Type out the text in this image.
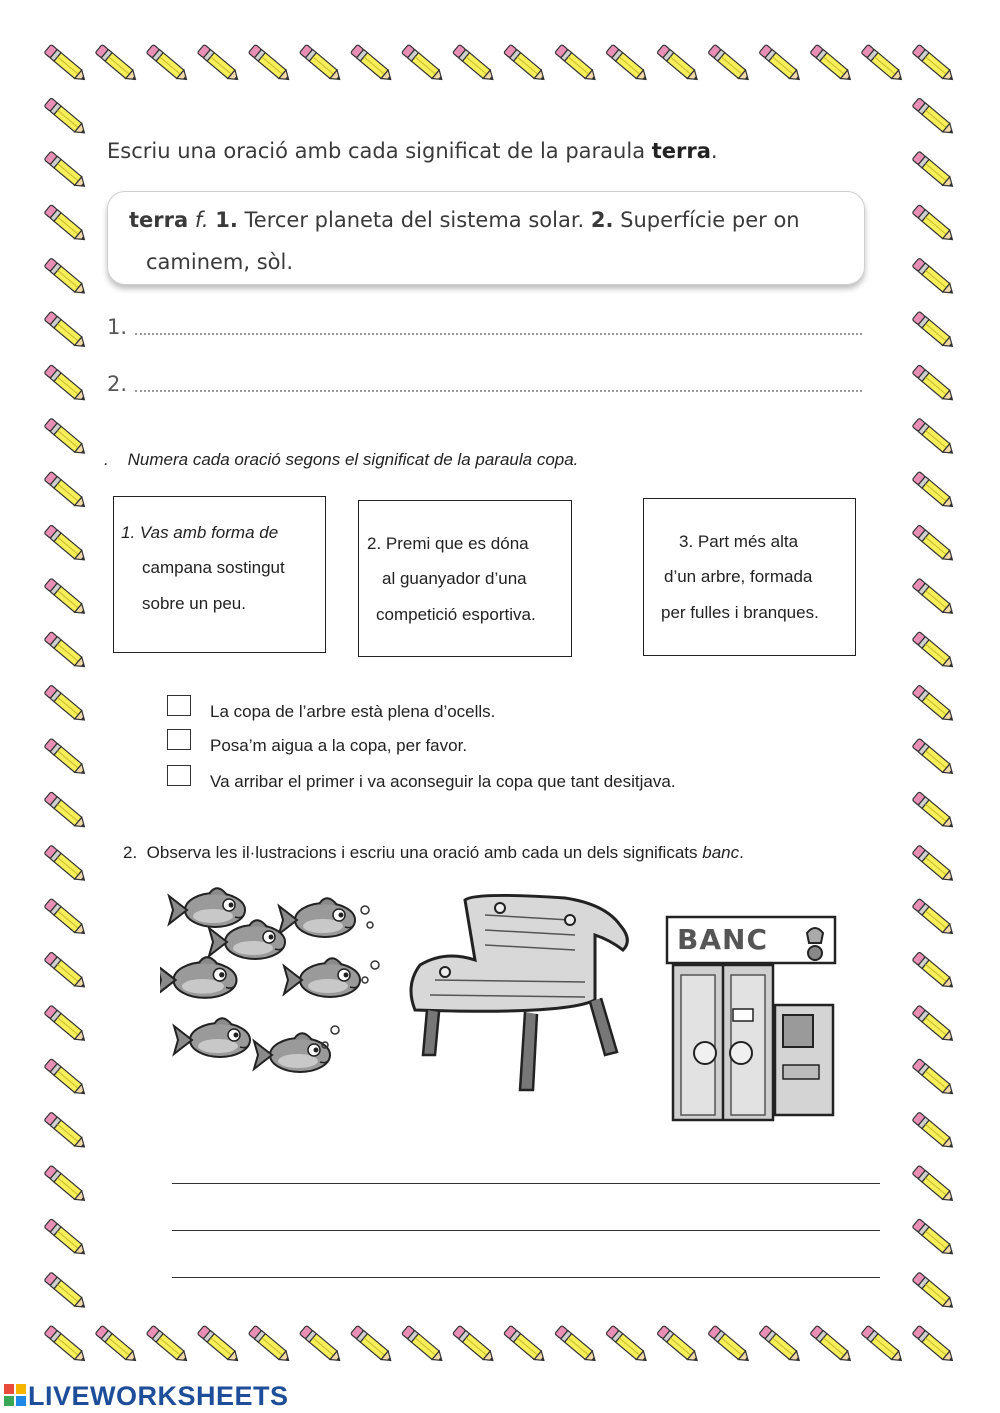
Escriu una oració amb cada significat de la paraula terra.
terra f. 1. Tercer planeta del sistema solar. 2. Superfície per on
caminem, sòl.
1.
2.
. Numera cada oració segons el significat de la paraula copa.
1. Vas amb forma de
campana sostingut
sobre un peu.
2. Premi que es dóna
al guanyador d’una
competició esportiva.
3. Part més alta
d’un arbre, formada
per fulles i branques.
La copa de l’arbre està plena d’ocells.
Posa’m aigua a la copa, per favor.
Va arribar el primer i va aconseguir la copa que tant desitjava.
2. Observa les il·lustracions i escriu una oració amb cada un dels significats banc.
BANC
LIVEWORKSHEETS
